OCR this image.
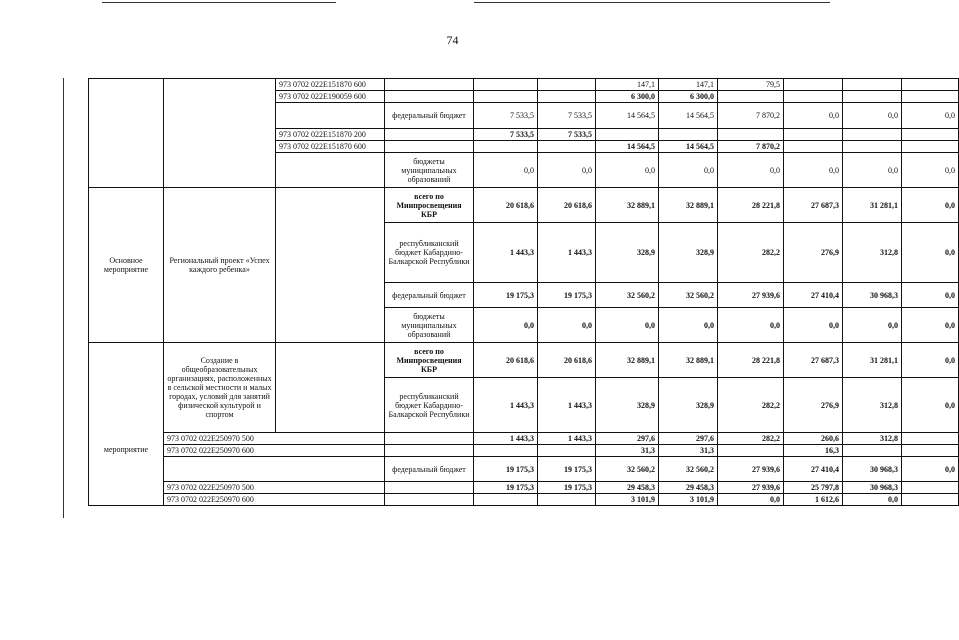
74
		973 0702 022E151870 600				147,1	147,1	79,5			
		973 0702 022E190059 600				6 300,0	6 300,0				
			федеральный бюджет	7 533,5	7 533,5	14 564,5	14 564,5	7 870,2	0,0	0,0	0,0
		973 0702 022E151870 200		7 533,5	7 533,5						
		973 0702 022E151870 600				14 564,5	14 564,5	7 870,2			
			бюджеты муниципальных образований	0,0	0,0	0,0	0,0	0,0	0,0	0,0	0,0
Основное мероприятие	Региональный проект «Успех каждого ребенка»		всего по Минпросвещения КБР	20 618,6	20 618,6	32 889,1	32 889,1	28 221,8	27 687,3	31 281,1	0,0
			республиканский бюджет Кабардино-Балкарской Республики	1 443,3	1 443,3	328,9	328,9	282,2	276,9	312,8	0,0
			федеральный бюджет	19 175,3	19 175,3	32 560,2	32 560,2	27 939,6	27 410,4	30 968,3	0,0
			бюджеты муниципальных образований	0,0	0,0	0,0	0,0	0,0	0,0	0,0	0,0
мероприятие	Создание в общеобразовательных организациях, расположенных в сельской местности и малых городах, условий для занятий физической культурой и спортом		всего по Минпросвещения КБР	20 618,6	20 618,6	32 889,1	32 889,1	28 221,8	27 687,3	31 281,1	0,0
			республиканский бюджет Кабардино-Балкарской Республики	1 443,3	1 443,3	328,9	328,9	282,2	276,9	312,8	0,0
	973 0702 022E250970 500			1 443,3	1 443,3	297,6	297,6	282,2	260,6	312,8	
	973 0702 022E250970 600					31,3	31,3		16,3		
			федеральный бюджет	19 175,3	19 175,3	32 560,2	32 560,2	27 939,6	27 410,4	30 968,3	0,0
	973 0702 022E250970 500			19 175,3	19 175,3	29 458,3	29 458,3	27 939,6	25 797,8	30 968,3	
	973 0702 022E250970 600					3 101,9	3 101,9	0,0	1 612,6	0,0	
